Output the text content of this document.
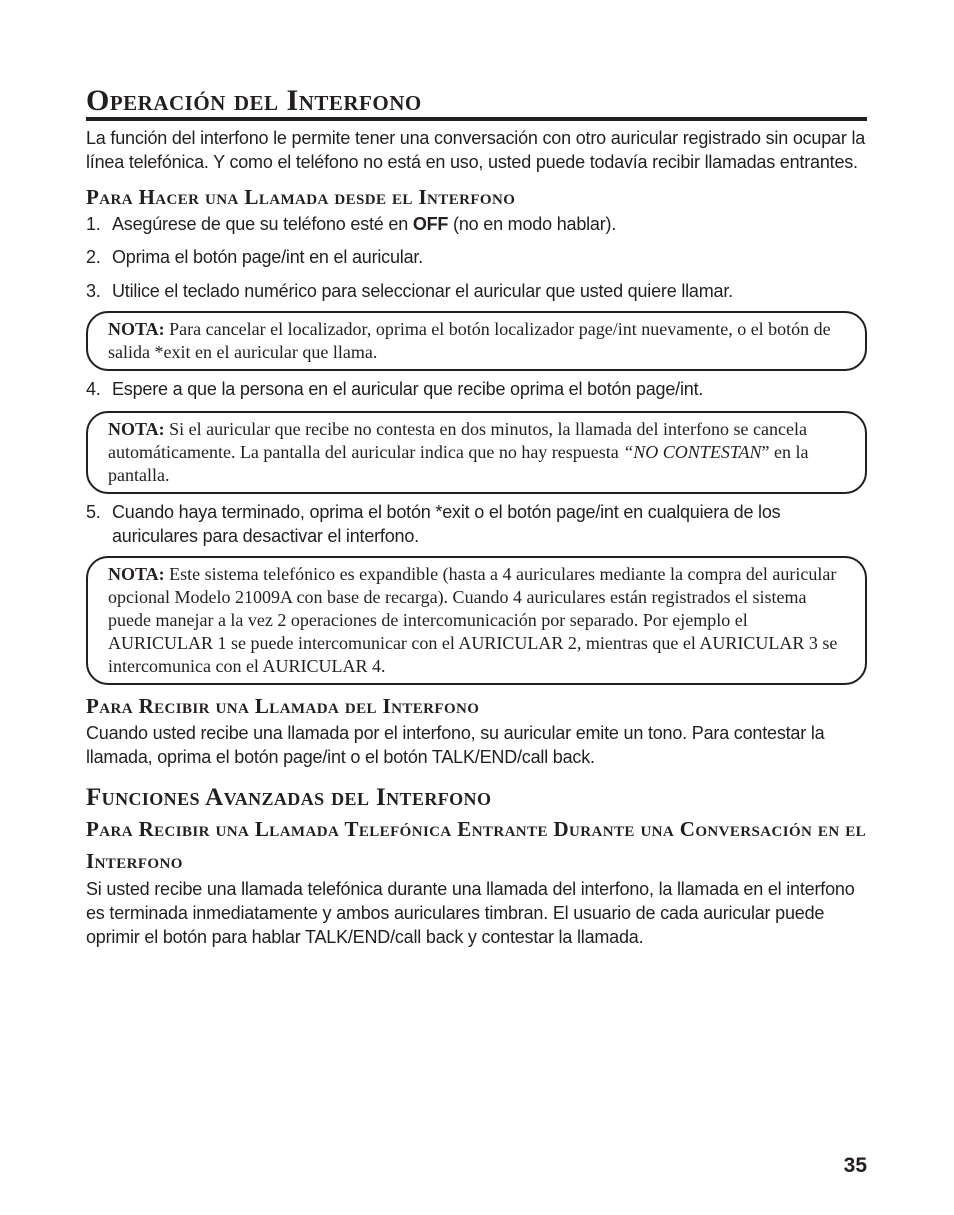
Operación del Interfono

La función del interfono le permite tener una conversación con otro auricular registrado sin ocupar la línea telefónica. Y como el teléfono no está en uso, usted puede todavía recibir llamadas entrantes.

Para Hacer una Llamada desde el Interfono
1. Asegúrese de que su teléfono esté en OFF (no en modo hablar).
2. Oprima el botón page/int en el auricular.
3. Utilice el teclado numérico para seleccionar el auricular que usted quiere llamar.
NOTA: Para cancelar el localizador, oprima el botón localizador page/int nuevamente, o el botón de salida *exit en el auricular que llama.
4. Espere a que la persona en el auricular que recibe oprima el botón page/int.
NOTA: Si el auricular que recibe no contesta en dos minutos, la llamada del interfono se cancela automáticamente. La pantalla del auricular indica que no hay respuesta “NO CONTESTAN” en la pantalla.
5. Cuando haya terminado, oprima el botón *exit o el botón page/int en cualquiera de los auriculares para desactivar el interfono.
NOTA: Este sistema telefónico es expandible (hasta a 4 auriculares mediante la compra del auricular opcional Modelo 21009A con base de recarga). Cuando 4 auriculares están registrados el sistema puede manejar a la vez 2 operaciones de intercomunicación por separado. Por ejemplo el AURICULAR 1 se puede intercomunicar con el AURICULAR 2, mientras que el AURICULAR 3 se intercomunica con el AURICULAR 4.
Para Recibir una Llamada del Interfono

Cuando usted recibe una llamada por el interfono, su auricular emite un tono. Para contestar la llamada, oprima el botón page/int o el botón TALK/END/call back.

Funciones Avanzadas del Interfono
Para Recibir una Llamada Telefónica Entrante Durante una Conversación en el Interfono

Si usted recibe una llamada telefónica durante una llamada del interfono, la llamada en el interfono es terminada inmediatamente y ambos auriculares timbran. El usuario de cada auricular puede oprimir el botón para hablar TALK/END/call back y contestar la llamada.

35
